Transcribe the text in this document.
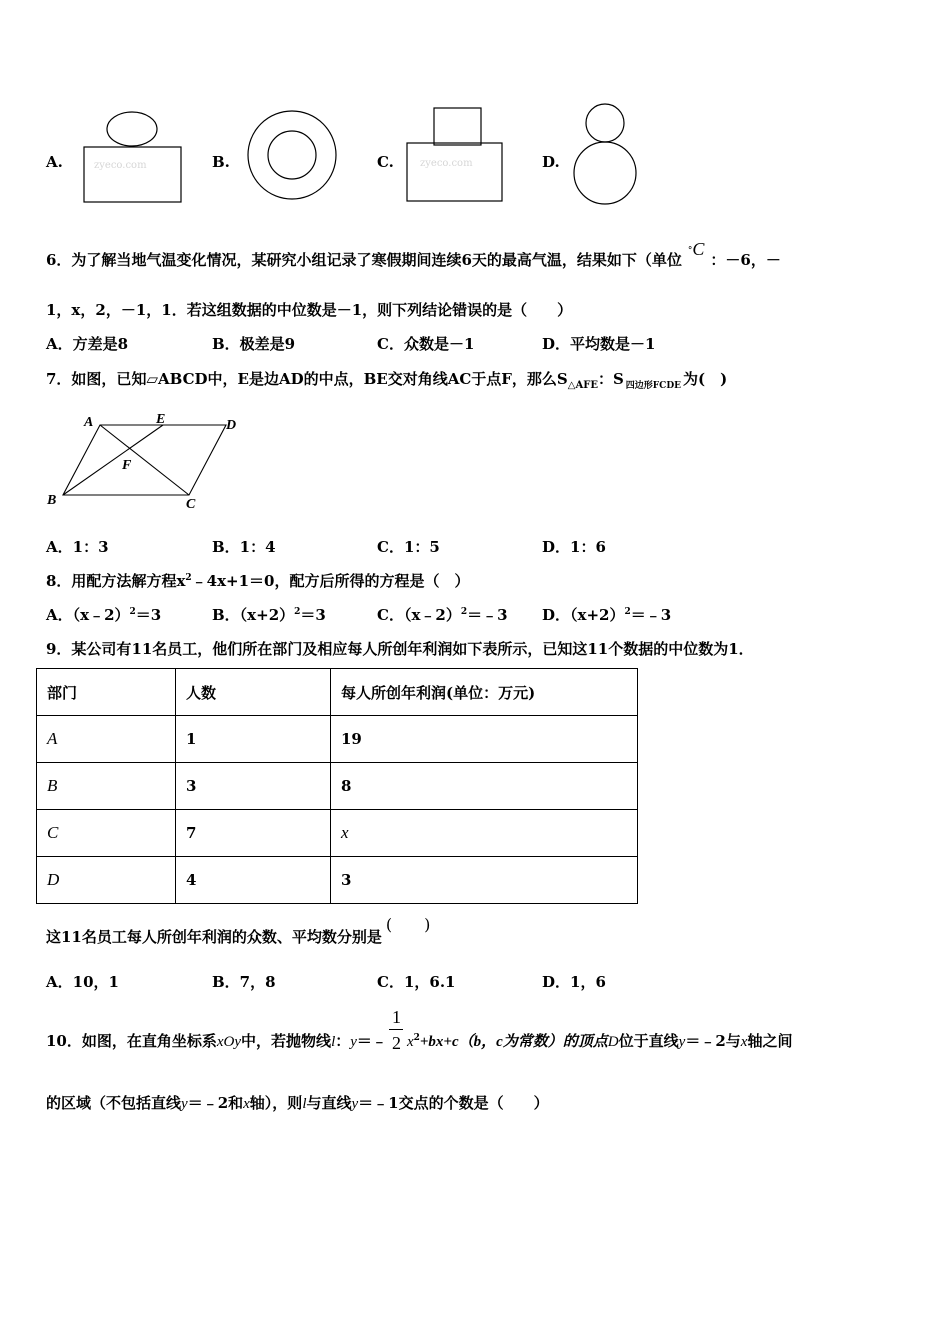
A.	B.	C.	D.
6．为了解当地气温变化情况，某研究小组记录了寒假期间连续6天的最高气温，结果如下（单位 °C：－6，－
1，x，2，－1，1．若这组数据的中位数是－1，则下列结论错误的是（　　）
A．方差是8	B．极差是9	C．众数是－1	D．平均数是－1
7．如图，已知▱ABCD中，E是边AD的中点，BE交对角线AC于点F，那么$S_{\triangle AFE}$：S $_{四边形FCDE}$ 为(　)
A	E	D
F
B	C
A．1：3	B．1：4	C．1：5	D．1：6
8．用配方法解方程$x^2﹣4x+1=0$，配方后所得的方程是（　）
A．（x﹣2）$^2$＝3	B．$(x+2)^2=3$	C．（x﹣2）$^2$＝﹣3 D．$(x+2)^2=﹣3$
9．某公司有11名员工，他们所在部门及相应每人所创年利润如下表所示，已知这11个数据的中位数为1．
部门	人数	每人所创年利润(单位：万元)
A	1	19
B	3	8
C	7	x
D	4	3
这11名员工每人所创年利润的众数、平均数分别是(　　)
A．10，1	B．7，8	C．1，6.1	D．1，6
10．如图，在直角坐标系xOy中，若抛物线l：y＝﹣ $\frac{1}{2} x^2+bx+c(b$，c为常数）的顶点D位于直线y＝﹣2与x轴之间
的区域（不包括直线y＝﹣2和x轴），则l与直线y＝﹣1交点的个数是（　　）
zyeco.com	zyeco.com
